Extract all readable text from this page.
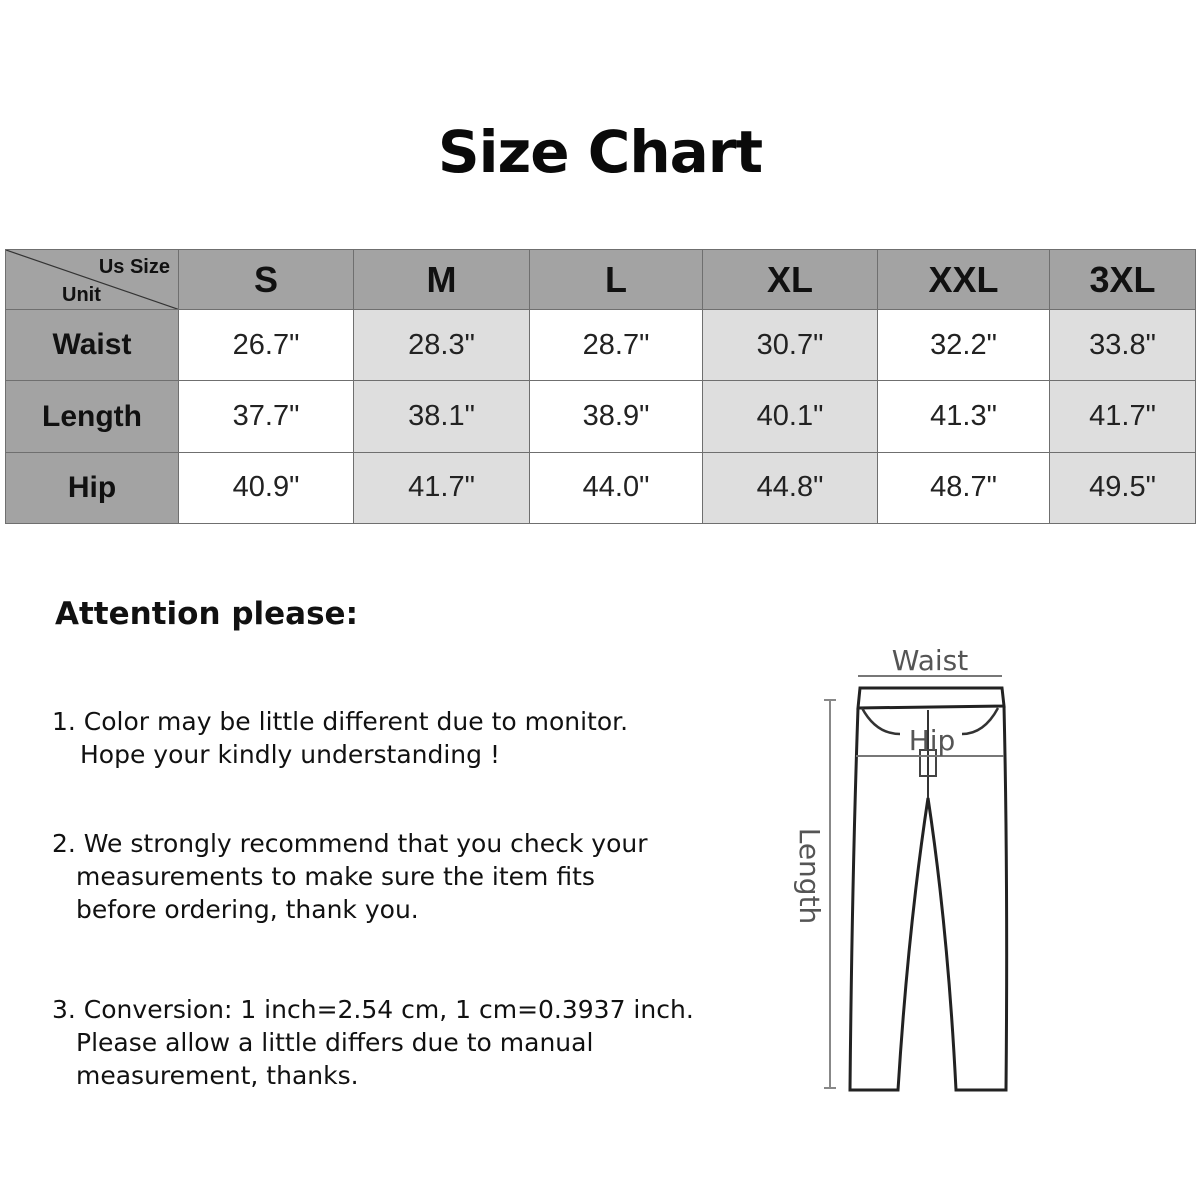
Size Chart
Us Size
Unit	S	M	L	XL	XXL	3XL
Waist	26.7"	28.3"	28.7"	30.7"	32.2"	33.8"
Length	37.7"	38.1"	38.9"	40.1"	41.3"	41.7"
Hip	40.9"	41.7"	44.0"	44.8"	48.7"	49.5"
Attention please:
1. Color may be little different due to monitor.
Hope your kindly understanding !
2. We strongly recommend that you check your
measurements to make sure the item fits
before ordering, thank you.
3. Conversion: 1 inch=2.54 cm, 1 cm=0.3937 inch.
Please allow a little differs due to manual
measurement, thanks.
Waist
Length
Hip
